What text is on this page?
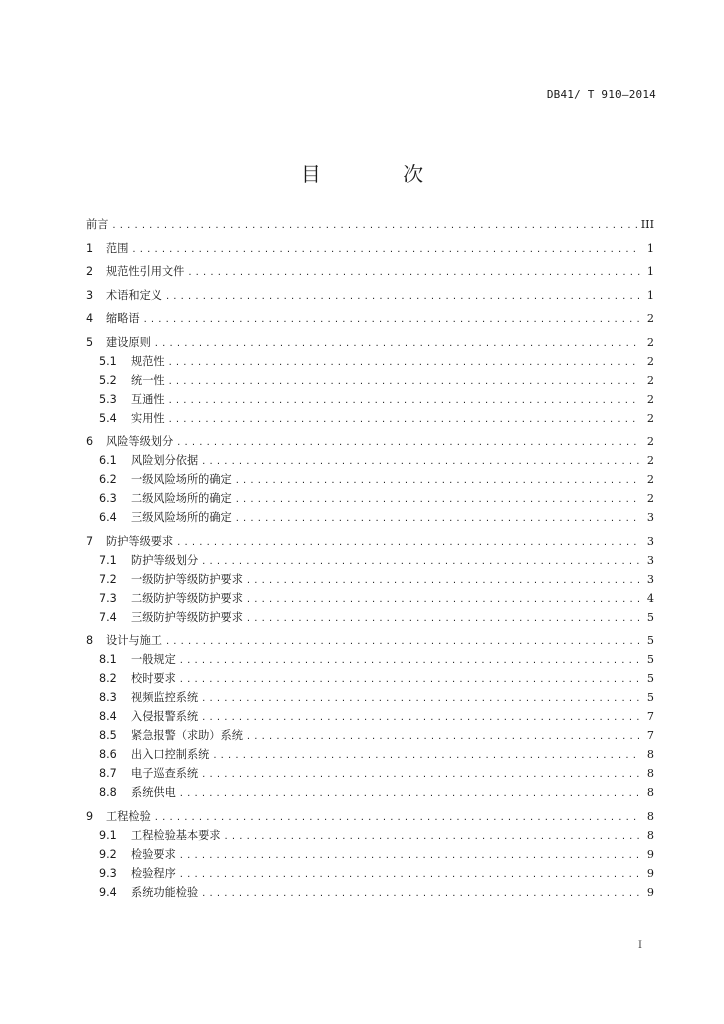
DB41/ T 910—2014
目 次
前言 . . .	III
1	范围 . . .	1
2	规范性引用文件 . . .	1
3	术语和定义 . . .	1
4	缩略语 . . .	2
5	建设原则 . . .	2
5.1	规范性 . . .	2
5.2	统一性 . . .	2
5.3	互通性 . . .	2
5.4	实用性 . . .	2
6	风险等级划分 . . .	2
6.1	风险划分依据 . . .	2
6.2	一级风险场所的确定 . . .	2
6.3	二级风险场所的确定 . . .	2
6.4	三级风险场所的确定 . . .	3
7	防护等级要求 . . .	3
7.1	防护等级划分 . . .	3
7.2	一级防护等级防护要求 . . .	3
7.3	二级防护等级防护要求 . . .	4
7.4	三级防护等级防护要求 . . .	5
8	设计与施工 . . .	5
8.1	一般规定 . . .	5
8.2	校时要求 . . .	5
8.3	视频监控系统 . . .	5
8.4	入侵报警系统 . . .	7
8.5	紧急报警（求助）系统 . . .	7
8.6	出入口控制系统 . . .	8
8.7	电子巡查系统 . . .	8
8.8	系统供电 . . .	8
9	工程检验 . . .	8
9.1	工程检验基本要求 . . .	8
9.2	检验要求 . . .	9
9.3	检验程序 . . .	9
9.4	系统功能检验 . . .	9
I
